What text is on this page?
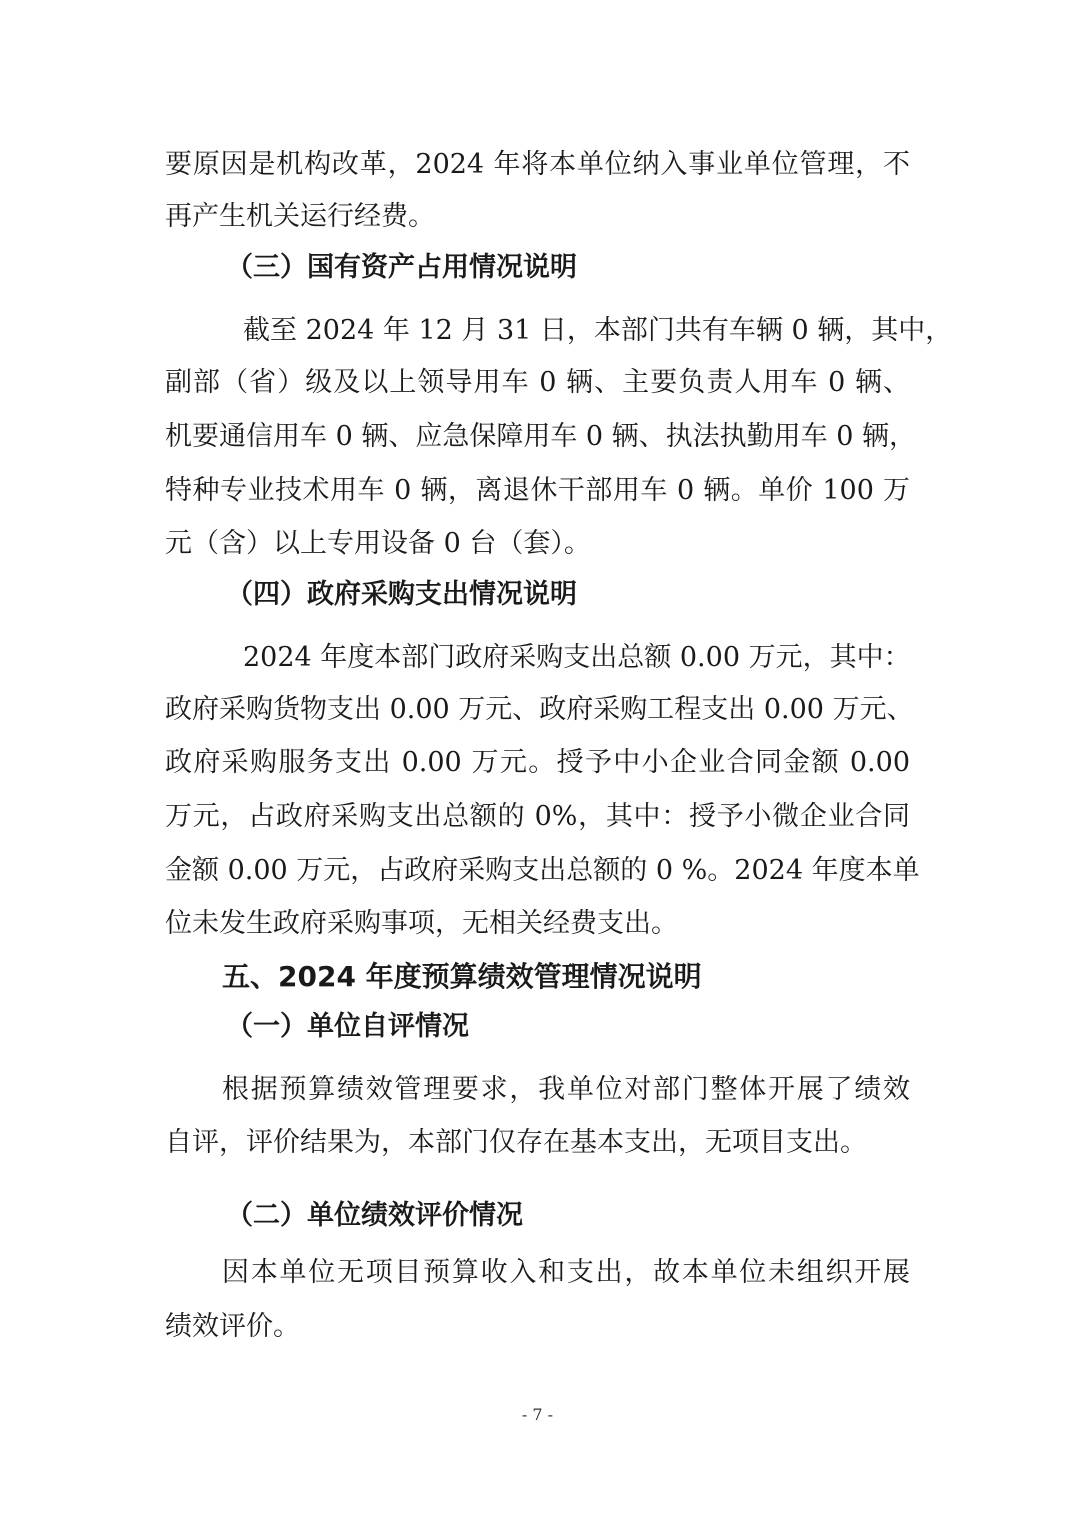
要原因是机构改革，2024 年将本单位纳入事业单位管理，不
再产生机关运行经费。
（三）国有资产占用情况说明
截至 2024 年 12 月 31 日，本部门共有车辆 0 辆，其中，
副部（省）级及以上领导用车 0 辆、主要负责人用车 0 辆、
机要通信用车 0 辆、应急保障用车 0 辆、执法执勤用车 0 辆，
特种专业技术用车 0 辆，离退休干部用车 0 辆。单价 100 万
元（含）以上专用设备 0 台（套）。
（四）政府采购支出情况说明
2024 年度本部门政府采购支出总额 0.00 万元，其中：
政府采购货物支出 0.00 万元、政府采购工程支出 0.00 万元、
政府采购服务支出 0.00 万元。授予中小企业合同金额 0.00
万元，占政府采购支出总额的 0%，其中：授予小微企业合同
金额 0.00 万元，占政府采购支出总额的 0 %。2024 年度本单
位未发生政府采购事项，无相关经费支出。
五、2024 年度预算绩效管理情况说明
（一）单位自评情况
根据预算绩效管理要求，我单位对部门整体开展了绩效
自评，评价结果为，本部门仅存在基本支出，无项目支出。
（二）单位绩效评价情况
因本单位无项目预算收入和支出，故本单位未组织开展
绩效评价。
- 7 -
